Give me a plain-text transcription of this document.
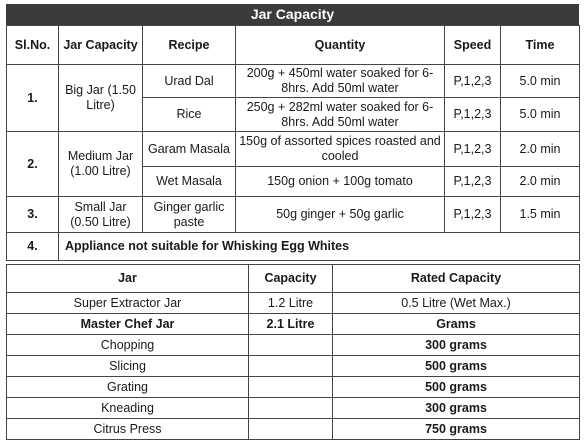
Jar Capacity
Sl.No.	Jar Capacity	Recipe	Quantity	Speed	Time
1.	Big Jar (1.50 Litre)	Urad Dal	200g + 450ml water soaked for 6-8hrs. Add 50ml water	P,1,2,3	5.0 min
		Rice	250g + 282ml water soaked for 6-8hrs. Add 50ml water	P,1,2,3	5.0 min
2.	Medium Jar (1.00 Litre)	Garam Masala	150g of assorted spices roasted and cooled	P,1,2,3	2.0 min
		Wet Masala	150g onion + 100g tomato	P,1,2,3	2.0 min
3.	Small Jar (0.50 Litre)	Ginger garlic paste	50g ginger + 50g garlic	P,1,2,3	1.5 min
4.	Appliance not suitable for Whisking Egg Whites				
Jar	Capacity	Rated Capacity
Super Extractor Jar	1.2 Litre	0.5 Litre (Wet Max.)
Master Chef Jar	2.1 Litre	Grams
Chopping		300 grams
Slicing		500 grams
Grating		500 grams
Kneading		300 grams
Citrus Press		750 grams
